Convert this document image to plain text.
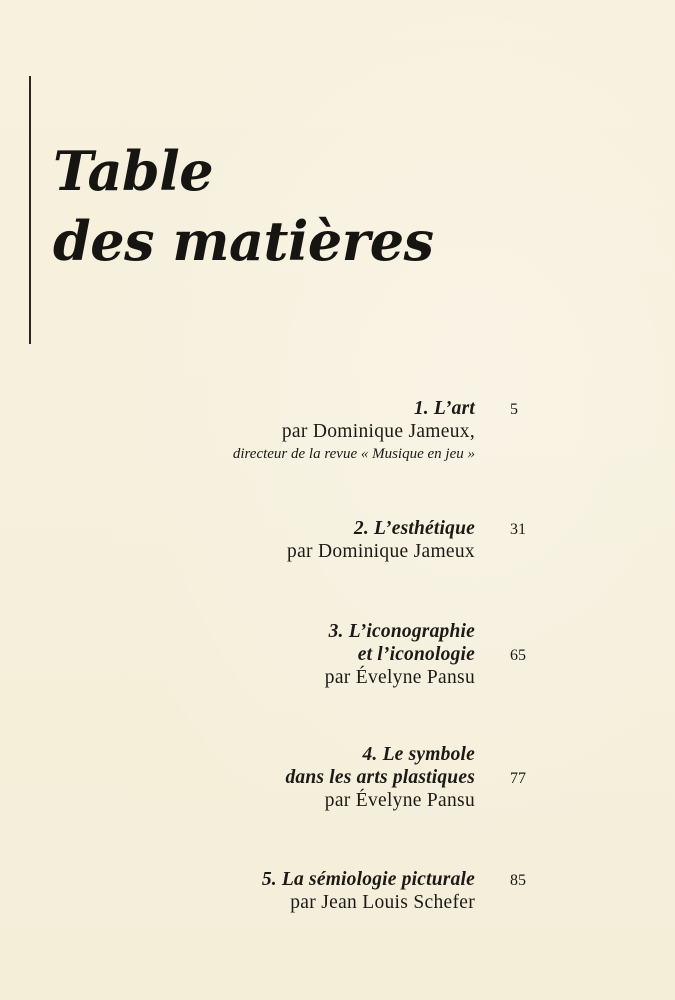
Table
des matières
1. L’art
par Dominique Jameux,
directeur de la revue « Musique en jeu »
5
2. L’esthétique
par Dominique Jameux
31
3. L’iconographie
et l’iconologie
par Évelyne Pansu
65
4. Le symbole
dans les arts plastiques
par Évelyne Pansu
77
5. La sémiologie picturale
par Jean Louis Schefer
85
